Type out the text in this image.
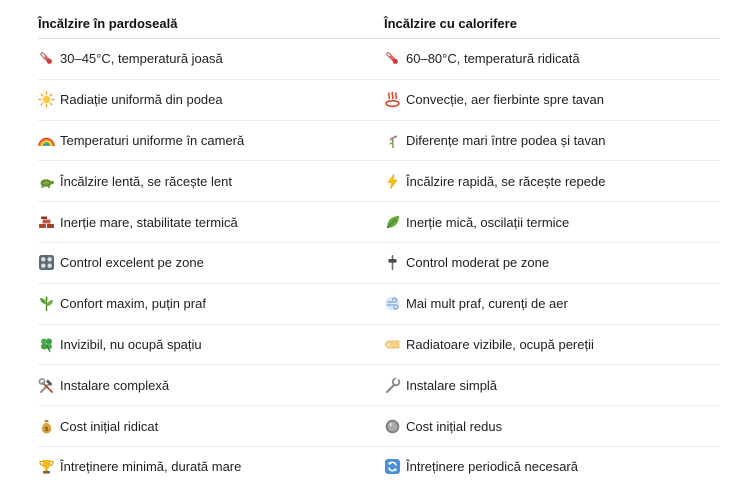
Încălzire în pardoseală	Încălzire cu calorifere
30–45°C, temperatură joasă	60–80°C, temperatură ridicată
Radiație uniformă din podea	Convecție, aer fierbinte spre tavan
Temperaturi uniforme în cameră	Diferențe mari între podea și tavan
Încălzire lentă, se răcește lent	Încălzire rapidă, se răcește repede
Inerție mare, stabilitate termică	Inerție mică, oscilații termice
Control excelent pe zone	Control moderat pe zone
Confort maxim, puțin praf	Mai mult praf, curenți de aer
Invizibil, nu ocupă spațiu	Radiatoare vizibile, ocupă pereții
Instalare complexă	Instalare simplă
$ Cost inițial ridicat	Cost inițial redus
Întreținere minimă, durată mare	Întreținere periodică necesară
